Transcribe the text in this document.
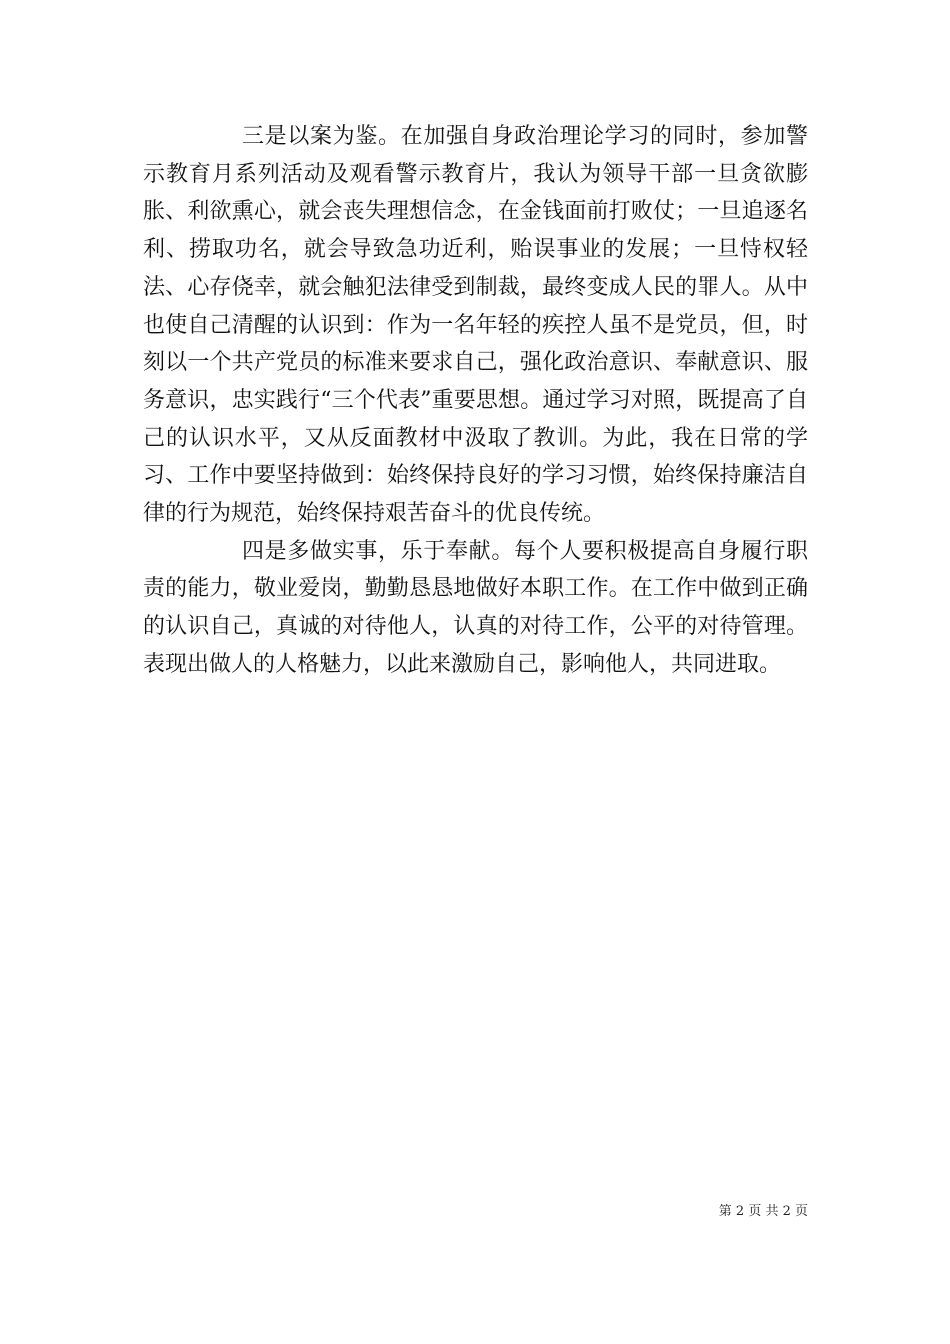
三是以案为鉴。在加强自身政治理论学习的同时，参加警示教育月系列活动及观看警示教育片，我认为领导干部一旦贪欲膨胀、利欲熏心，就会丧失理想信念，在金钱面前打败仗；一旦追逐名利、捞取功名，就会导致急功近利，贻误事业的发展；一旦恃权轻法、心存侥幸，就会触犯法律受到制裁，最终变成人民的罪人。从中也使自己清醒的认识到：作为一名年轻的疾控人虽不是党员，但，时刻以一个共产党员的标准来要求自己，强化政治意识、奉献意识、服务意识，忠实践行“三个代表”重要思想。通过学习对照，既提高了自己的认识水平，又从反面教材中汲取了教训。为此，我在日常的学习、工作中要坚持做到：始终保持良好的学习习惯，始终保持廉洁自律的行为规范，始终保持艰苦奋斗的优良传统。

四是多做实事，乐于奉献。每个人要积极提高自身履行职责的能力，敬业爱岗，勤勤恳恳地做好本职工作。在工作中做到正确的认识自己，真诚的对待他人，认真的对待工作，公平的对待管理。表现出做人的人格魅力，以此来激励自己，影响他人，共同进取。

第 2 页 共 2 页
